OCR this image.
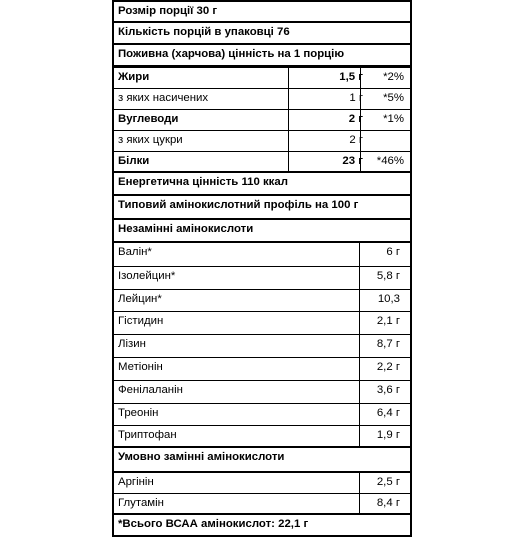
Розмір порції 30 г
Кількість порцій в упаковці 76
Поживна (харчова) цінність на 1 порцію
Жири	1,5 г *2%
з яких насичених	1 г *5%
Вуглеводи	2 г *1%
з яких цукри	2 г
Білки	23 г *46%
Енергетична цінність 110 ккал
Типовий амінокислотний профіль на 100 г
Незамінні амінокислоти
Валін*	6 г
Ізолейцин*	5,8 г
Лейцин*	10,3
Гістидин	2,1 г
Лізин	8,7 г
Метіонін	2,2 г
Фенілаланін	3,6 г
Треонін	6,4 г
Триптофан	1,9 г
Умовно замінні амінокислоти
Аргінін	2,5 г
Глутамін	8,4 г
*Всього ВСАА амінокислот: 22,1 г
